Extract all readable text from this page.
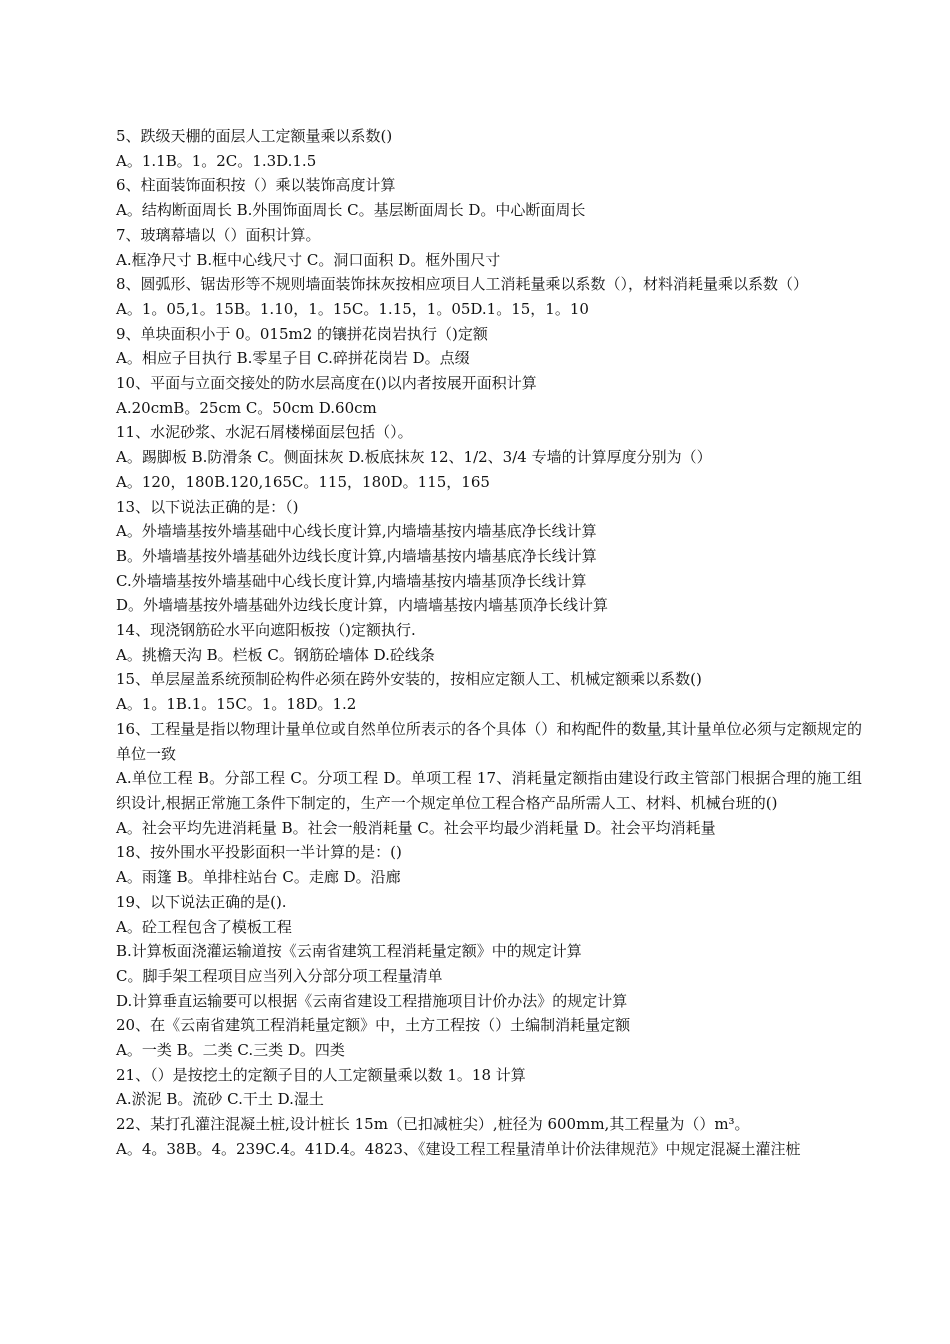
5、跌级天棚的面层人工定额量乘以系数()

A。1.1B。1。2C。1.3D.1.5

6、柱面装饰面积按（）乘以装饰高度计算

A。结构断面周长 B.外围饰面周长 C。基层断面周长 D。中心断面周长

7、玻璃幕墙以（）面积计算。

A.框净尺寸 B.框中心线尺寸 C。洞口面积 D。框外围尺寸

8、圆弧形、锯齿形等不规则墙面装饰抹灰按相应项目人工消耗量乘以系数（），材料消耗量乘以系数（）

A。1。05,1。15B。1.10，1。15C。1.15，1。05D.1。15，1。10

9、单块面积小于 0。015m2 的镶拼花岗岩执行（)定额

A。相应子目执行 B.零星子目 C.碎拼花岗岩 D。点缀

10、平面与立面交接处的防水层高度在()以内者按展开面积计算

A.20cmB。25cm C。50cm D.60cm

11、水泥砂浆、水泥石屑楼梯面层包括（）。

A。踢脚板 B.防滑条 C。侧面抹灰 D.板底抹灰 12、1/2、3/4 专墙的计算厚度分别为（）

A。120，180B.120,165C。115，180D。115，165

13、以下说法正确的是：（)

A。外墙墙基按外墙基础中心线长度计算,内墙墙基按内墙基底净长线计算

B。外墙墙基按外墙基础外边线长度计算,内墙墙基按内墙基底净长线计算

C.外墙墙基按外墙基础中心线长度计算,内墙墙基按内墙基顶净长线计算

D。外墙墙基按外墙基础外边线长度计算，内墙墙基按内墙基顶净长线计算

14、现浇钢筋砼水平向遮阳板按（)定额执行.

A。挑檐天沟 B。栏板 C。钢筋砼墙体 D.砼线条

15、单层屋盖系统预制砼构件必须在跨外安装的，按相应定额人工、机械定额乘以系数()

A。1。1B.1。15C。1。18D。1.2

16、工程量是指以物理计量单位或自然单位所表示的各个具体（）和构配件的数量,其计量单位必须与定额规定的单位一致

A.单位工程 B。分部工程 C。分项工程 D。单项工程 17、消耗量定额指由建设行政主管部门根据合理的施工组织设计,根据正常施工条件下制定的，生产一个规定单位工程合格产品所需人工、材料、机械台班的()

A。社会平均先进消耗量 B。社会一般消耗量 C。社会平均最少消耗量 D。社会平均消耗量

18、按外围水平投影面积一半计算的是：()

A。雨篷 B。单排柱站台 C。走廊 D。沿廊

19、以下说法正确的是().

A。砼工程包含了模板工程

B.计算板面浇灌运输道按《云南省建筑工程消耗量定额》中的规定计算

C。脚手架工程项目应当列入分部分项工程量清单

D.计算垂直运输要可以根据《云南省建设工程措施项目计价办法》的规定计算

20、在《云南省建筑工程消耗量定额》中，土方工程按（）土编制消耗量定额

A。一类 B。二类 C.三类 D。四类

21、（）是按挖土的定额子目的人工定额量乘以数 1。18 计算

A.淤泥 B。流砂 C.干土 D.湿土

22、某打孔灌注混凝土桩,设计桩长 15m（已扣减桩尖）,桩径为 600mm,其工程量为（）m³。

A。4。38B。4。239C.4。41D.4。4823、《建设工程工程量清单计价法律规范》中规定混凝土灌注桩
